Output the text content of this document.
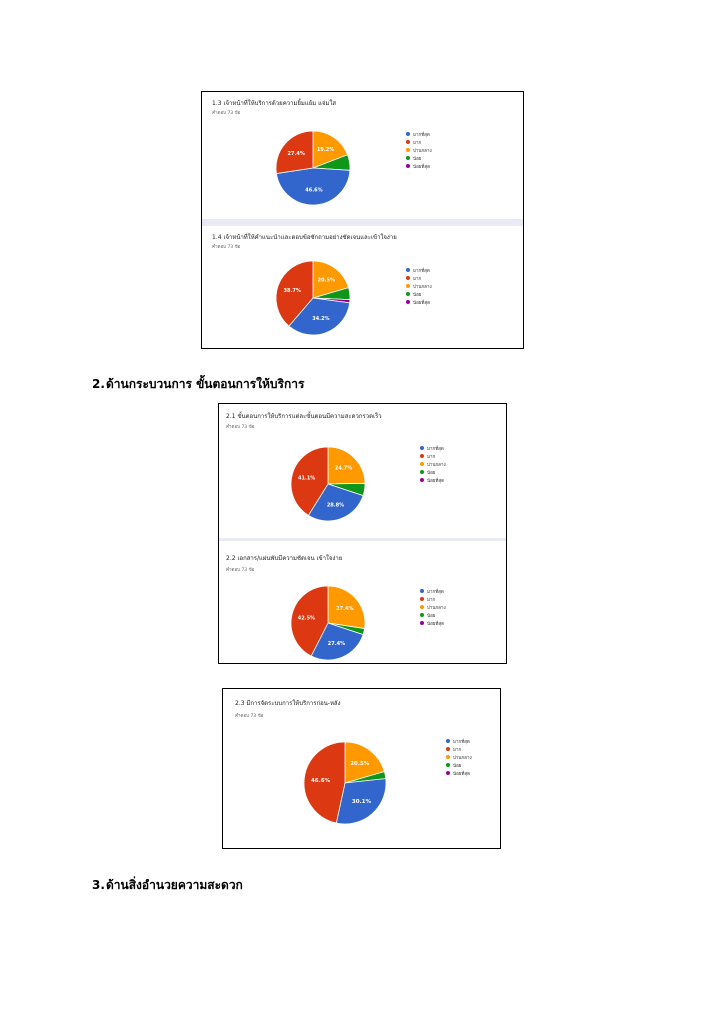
1.3 เจ้าหน้าที่ให้บริการด้วยความยิ้มแย้ม แจ่มใส
คำตอบ 73 ข้อ
19.2%
46.6%
27.4%
มากที่สุด
มาก
ปานกลาง
น้อย
น้อยที่สุด
1.4 เจ้าหน้าที่ให้คำแนะนำและตอบข้อซักถามอย่างชัดเจนและเข้าใจง่าย
คำตอบ 73 ข้อ
20.5%
34.2%
38.7%
มากที่สุด
มาก
ปานกลาง
น้อย
น้อยที่สุด
2.ด้านกระบวนการ ขั้นตอนการให้บริการ
2.1 ขั้นตอนการให้บริการแต่ละขั้นตอนมีความสะดวกรวดเร็ว
คำตอบ 73 ข้อ
24.7%
28.8%
41.1%
มากที่สุด
มาก
ปานกลาง
น้อย
น้อยที่สุด
2.2 เอกสาร/แผ่นพับมีความชัดเจน เข้าใจง่าย
คำตอบ 73 ข้อ
27.4%
27.4%
42.5%
มากที่สุด
มาก
ปานกลาง
น้อย
น้อยที่สุด
2.3 มีการจัดระบบการให้บริการก่อน-หลัง
คำตอบ 73 ข้อ
20.5%
30.1%
46.6%
มากที่สุด
มาก
ปานกลาง
น้อย
น้อยที่สุด
3.ด้านสิ่งอำนวยความสะดวก
